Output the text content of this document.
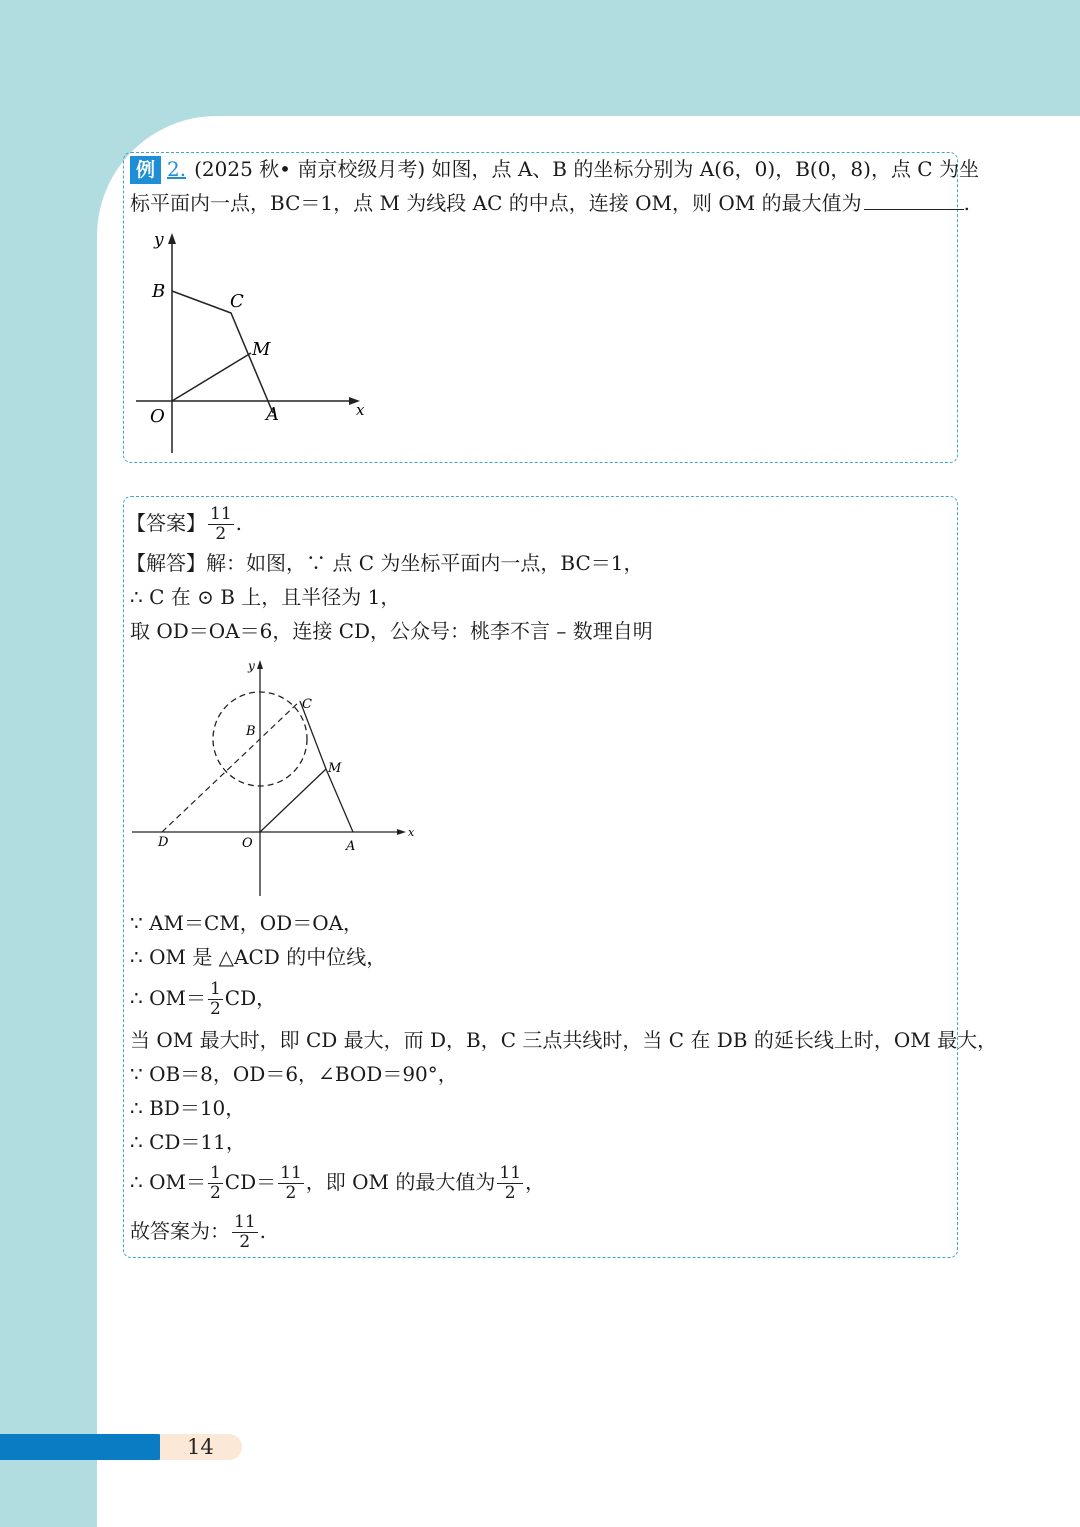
例 2. (2025 秋• 南京校级月考) 如图，点 A、B 的坐标分别为 A(6，0)，B(0，8)，点 C 为坐
标平面内一点，BC＝1，点 M 为线段 AC 的中点，连接 OM，则 OM 的最大值为	.
y
x
B	C
M
O	A
【答案】 $\frac{11}{2}$ .
【解答】解：如图，∵ 点 C 为坐标平面内一点，BC＝1，
∴ C 在 ⊙ B 上，且半径为 1，
取 OD＝OA＝6，连接 CD，公众号：桃李不言 – 数理自明
y
x
B
C
M
O	A
D
∵ AM＝CM，OD＝OA，
∴ OM 是 △ACD 的中位线，
∴ $OM= \frac{1}{2}$ CD，
当 OM 最大时，即 CD 最大，而 D，B，C 三点共线时，当 C 在 DB 的延长线上时，OM 最大，
∵ OB＝8，OD＝6，∠BOD＝90°，
∴ BD＝10，
∴ CD＝11，
∴ $OM= \frac{1}{2} CD= \frac{11}{2}$ ，即 OM 的最大值为 $\frac{11}{2}$ ，
故答案为： $\frac{11}{2}$ .
14
